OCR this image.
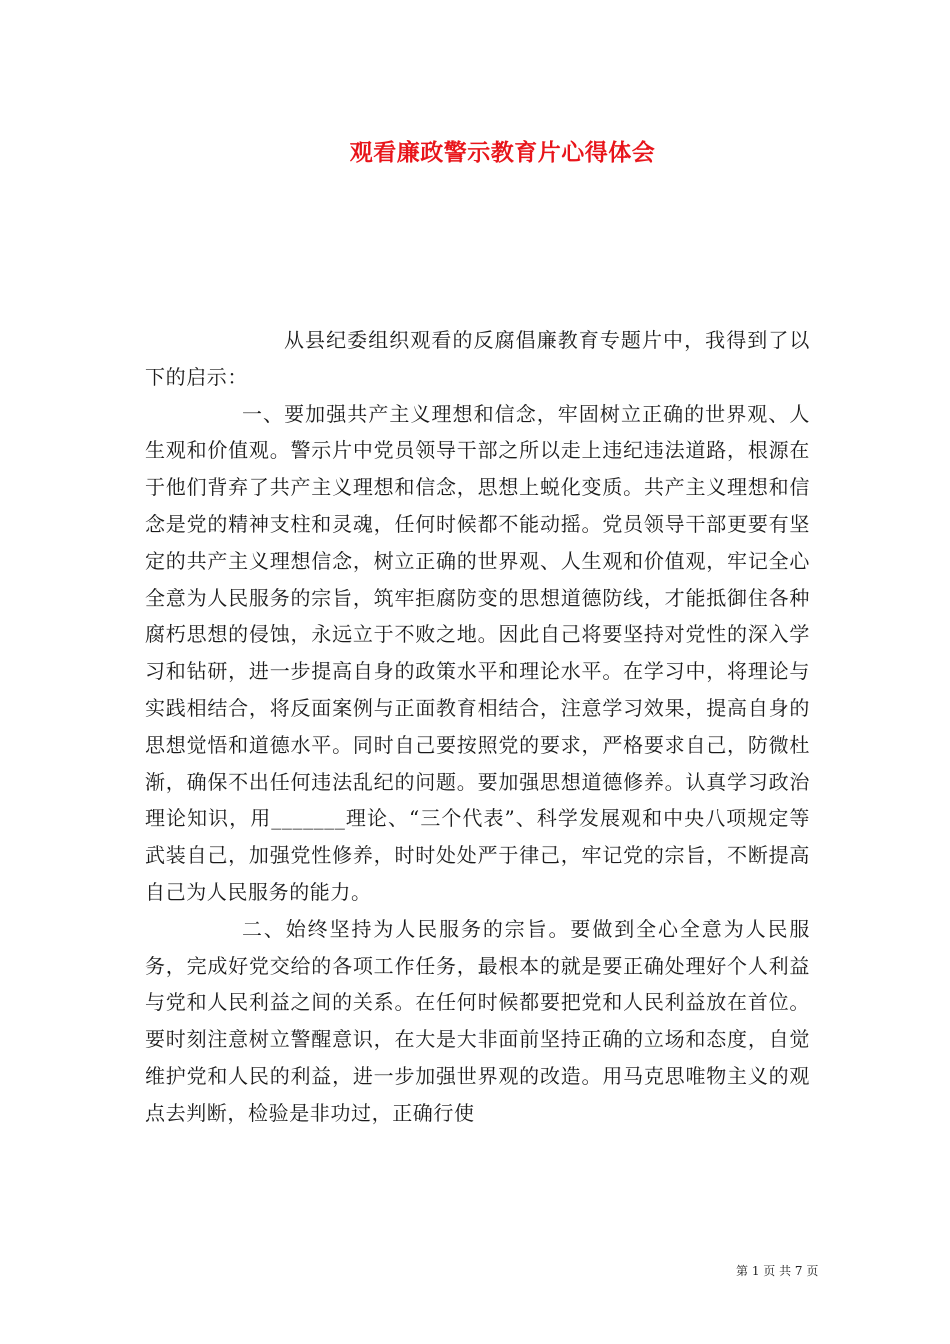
观看廉政警示教育片心得体会

从县纪委组织观看的反腐倡廉教育专题片中，我得到了以下的启示：

一、要加强共产主义理想和信念，牢固树立正确的世界观、人生观和价值观。警示片中党员领导干部之所以走上违纪违法道路，根源在于他们背弃了共产主义理想和信念，思想上蜕化变质。共产主义理想和信念是党的精神支柱和灵魂，任何时候都不能动摇。党员领导干部更要有坚定的共产主义理想信念，树立正确的世界观、人生观和价值观，牢记全心全意为人民服务的宗旨，筑牢拒腐防变的思想道德防线，才能抵御住各种腐朽思想的侵蚀，永远立于不败之地。因此自己将要坚持对党性的深入学习和钻研，进一步提高自身的政策水平和理论水平。在学习中，将理论与实践相结合，将反面案例与正面教育相结合，注意学习效果，提高自身的思想觉悟和道德水平。同时自己要按照党的要求，严格要求自己，防微杜渐，确保不出任何违法乱纪的问题。要加强思想道德修养。认真学习政治理论知识，用_______理论、“三个代表”、科学发展观和中央八项规定等武装自己，加强党性修养，时时处处严于律己，牢记党的宗旨，不断提高自己为人民服务的能力。

二、始终坚持为人民服务的宗旨。要做到全心全意为人民服务，完成好党交给的各项工作任务，最根本的就是要正确处理好个人利益与党和人民利益之间的关系。在任何时候都要把党和人民利益放在首位。要时刻注意树立警醒意识，在大是大非面前坚持正确的立场和态度，自觉维护党和人民的利益，进一步加强世界观的改造。用马克思唯物主义的观点去判断，检验是非功过，正确行使

第 1 页 共 7 页
